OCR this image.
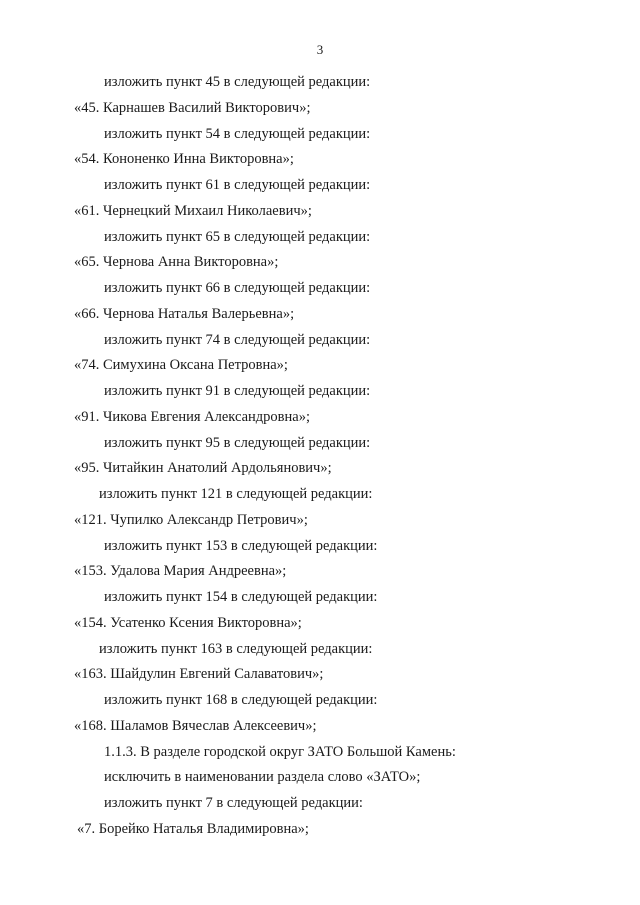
3
изложить пункт 45 в следующей редакции:
«45. Карнашев Василий Викторович»;
изложить пункт 54 в следующей редакции:
«54. Кононенко Инна Викторовна»;
изложить пункт 61 в следующей редакции:
«61. Чернецкий Михаил Николаевич»;
изложить пункт 65 в следующей редакции:
«65. Чернова Анна Викторовна»;
изложить пункт 66 в следующей редакции:
«66. Чернова Наталья Валерьевна»;
изложить пункт 74 в следующей редакции:
«74. Симухина Оксана Петровна»;
изложить пункт 91 в следующей редакции:
«91. Чикова Евгения Александровна»;
изложить пункт 95 в следующей редакции:
«95. Читайкин Анатолий Ардольянович»;
изложить пункт 121 в следующей редакции:
«121. Чупилко Александр Петрович»;
изложить пункт 153 в следующей редакции:
«153. Удалова Мария Андреевна»;
изложить пункт 154 в следующей редакции:
«154. Усатенко Ксения Викторовна»;
изложить пункт 163 в следующей редакции:
«163. Шайдулин Евгений Салаватович»;
изложить пункт 168 в следующей редакции:
«168. Шаламов Вячеслав Алексеевич»;
1.1.3. В разделе городской округ ЗАТО Большой Камень:
исключить в наименовании раздела слово «ЗАТО»;
изложить пункт 7 в следующей редакции:
«7. Борейко Наталья Владимировна»;
